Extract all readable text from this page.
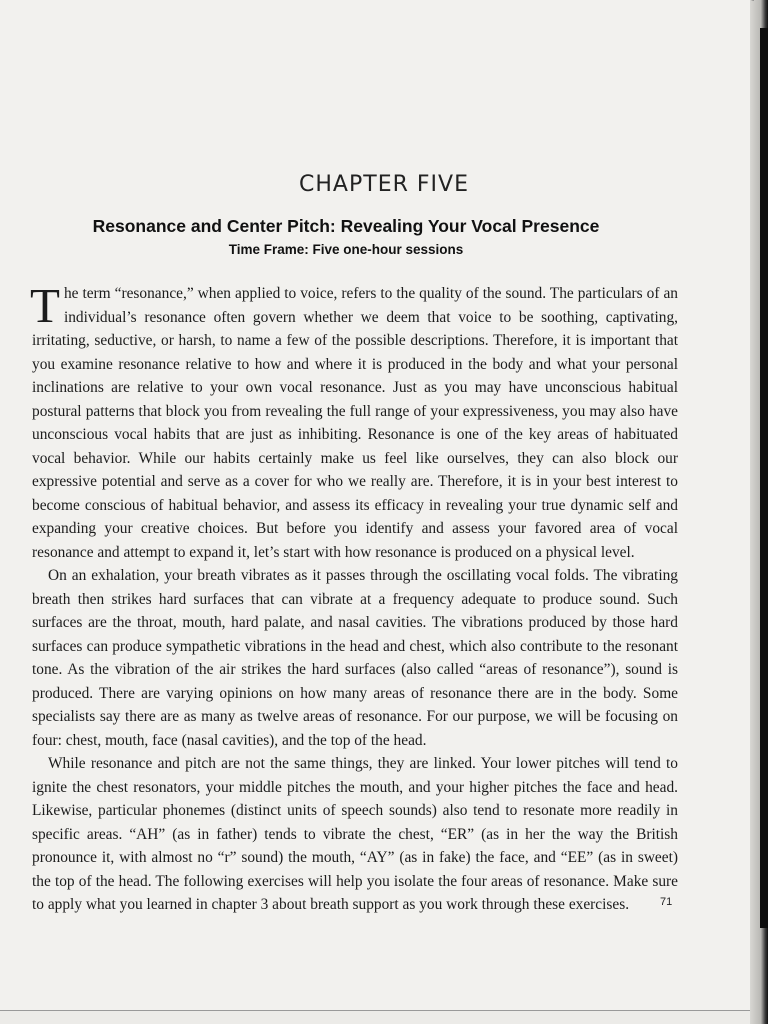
CHAPTER FIVE
Resonance and Center Pitch: Revealing Your Vocal Presence
Time Frame: Five one-hour sessions

The term “resonance,” when applied to voice, refers to the quality of the sound. The particulars of an individual’s resonance often govern whether we deem that voice to be soothing, captivating, irritating, seductive, or harsh, to name a few of the possible descriptions. Therefore, it is important that you examine resonance relative to how and where it is produced in the body and what your personal inclinations are relative to your own vocal resonance. Just as you may have unconscious habitual postural patterns that block you from revealing the full range of your expressiveness, you may also have unconscious vocal habits that are just as inhibiting. Resonance is one of the key areas of habituated vocal behavior. While our habits certainly make us feel like ourselves, they can also block our expressive potential and serve as a cover for who we really are. Therefore, it is in your best interest to become conscious of habitual behavior, and assess its efficacy in revealing your true dynamic self and expanding your creative choices. But before you identify and assess your favored area of vocal resonance and attempt to expand it, let’s start with how resonance is produced on a physical level.

On an exhalation, your breath vibrates as it passes through the oscillating vocal folds. The vibrating breath then strikes hard surfaces that can vibrate at a frequency adequate to produce sound. Such surfaces are the throat, mouth, hard palate, and nasal cavities. The vibrations produced by those hard surfaces can produce sympathetic vibrations in the head and chest, which also contribute to the resonant tone. As the vibration of the air strikes the hard surfaces (also called “areas of resonance”), sound is produced. There are varying opinions on how many areas of resonance there are in the body. Some specialists say there are as many as twelve areas of resonance. For our purpose, we will be focusing on four: chest, mouth, face (nasal cavities), and the top of the head.

While resonance and pitch are not the same things, they are linked. Your lower pitches will tend to ignite the chest resonators, your middle pitches the mouth, and your higher pitches the face and head. Likewise, particular phonemes (distinct units of speech sounds) also tend to resonate more readily in specific areas. “AH” (as in father) tends to vibrate the chest, “ER” (as in her the way the British pronounce it, with almost no “r” sound) the mouth, “AY” (as in fake) the face, and “EE” (as in sweet) the top of the head. The following exercises will help you isolate the four areas of resonance. Make sure to apply what you learned in chapter 3 about breath support as you work through these exercises.	71
